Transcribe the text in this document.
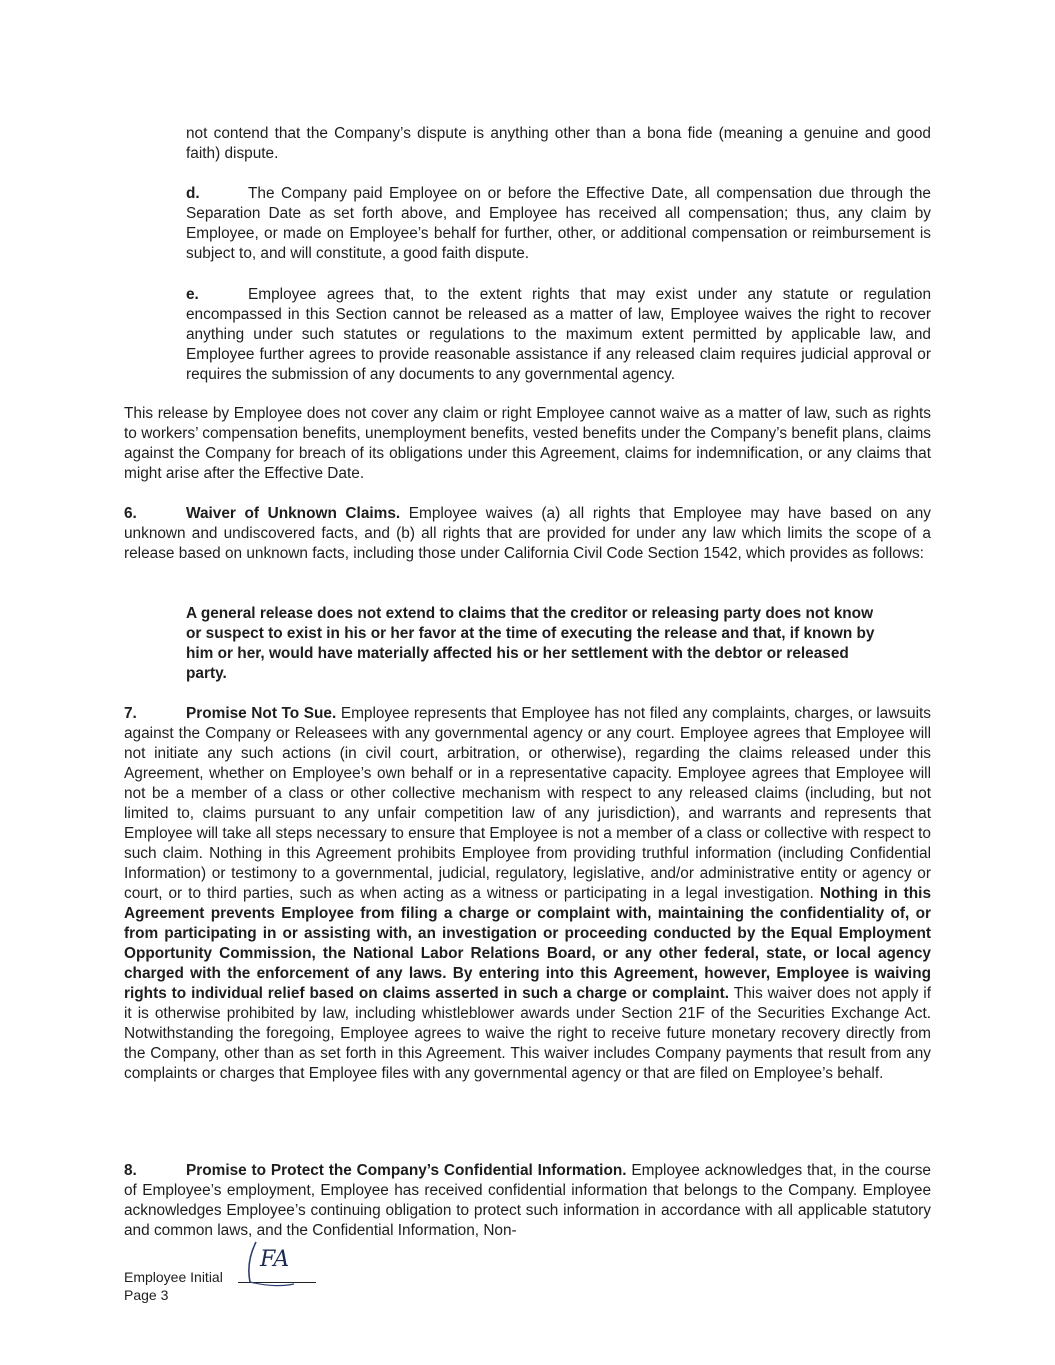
not contend that the Company’s dispute is anything other than a bona fide (meaning a genuine and good faith) dispute.

d.	The Company paid Employee on or before the Effective Date, all compensation due through the Separation Date as set forth above, and Employee has received all compensation; thus, any claim by Employee, or made on Employee’s behalf for further, other, or additional compensation or reimbursement is subject to, and will constitute, a good faith dispute.

e.	Employee agrees that, to the extent rights that may exist under any statute or regulation encompassed in this Section cannot be released as a matter of law, Employee waives the right to recover anything under such statutes or regulations to the maximum extent permitted by applicable law, and Employee further agrees to provide reasonable assistance if any released claim requires judicial approval or requires the submission of any documents to any governmental agency.

This release by Employee does not cover any claim or right Employee cannot waive as a matter of law, such as rights to workers’ compensation benefits, unemployment benefits, vested benefits under the Company’s benefit plans, claims against the Company for breach of its obligations under this Agreement, claims for indemnification, or any claims that might arise after the Effective Date.

6.	Waiver of Unknown Claims. Employee waives (a) all rights that Employee may have based on any unknown and undiscovered facts, and (b) all rights that are provided for under any law which limits the scope of a release based on unknown facts, including those under California Civil Code Section 1542, which provides as follows:

A general release does not extend to claims that the creditor or releasing party does not know or suspect to exist in his or her favor at the time of executing the release and that, if known by him or her, would have materially affected his or her settlement with the debtor or released party.

7.	Promise Not To Sue. Employee represents that Employee has not filed any complaints, charges, or lawsuits against the Company or Releasees with any governmental agency or any court. Employee agrees that Employee will not initiate any such actions (in civil court, arbitration, or otherwise), regarding the claims released under this Agreement, whether on Employee’s own behalf or in a representative capacity. Employee agrees that Employee will not be a member of a class or other collective mechanism with respect to any released claims (including, but not limited to, claims pursuant to any unfair competition law of any jurisdiction), and warrants and represents that Employee will take all steps necessary to ensure that Employee is not a member of a class or collective with respect to such claim. Nothing in this Agreement prohibits Employee from providing truthful information (including Confidential Information) or testimony to a governmental, judicial, regulatory, legislative, and/or administrative entity or agency or court, or to third parties, such as when acting as a witness or participating in a legal investigation. Nothing in this Agreement prevents Employee from filing a charge or complaint with, maintaining the confidentiality of, or from participating in or assisting with, an investigation or proceeding conducted by the Equal Employment Opportunity Commission, the National Labor Relations Board, or any other federal, state, or local agency charged with the enforcement of any laws. By entering into this Agreement, however, Employee is waiving rights to individual relief based on claims asserted in such a charge or complaint. This waiver does not apply if it is otherwise prohibited by law, including whistleblower awards under Section 21F of the Securities Exchange Act. Notwithstanding the foregoing, Employee agrees to waive the right to receive future monetary recovery directly from the Company, other than as set forth in this Agreement. This waiver includes Company payments that result from any complaints or charges that Employee files with any governmental agency or that are filed on Employee’s behalf.

8.	Promise to Protect the Company’s Confidential Information. Employee acknowledges that, in the course of Employee’s employment, Employee has received confidential information that belongs to the Company. Employee acknowledges Employee’s continuing obligation to protect such information in accordance with all applicable statutory and common laws, and the Confidential Information, Non-

Employee Initial
Page 3
FA
